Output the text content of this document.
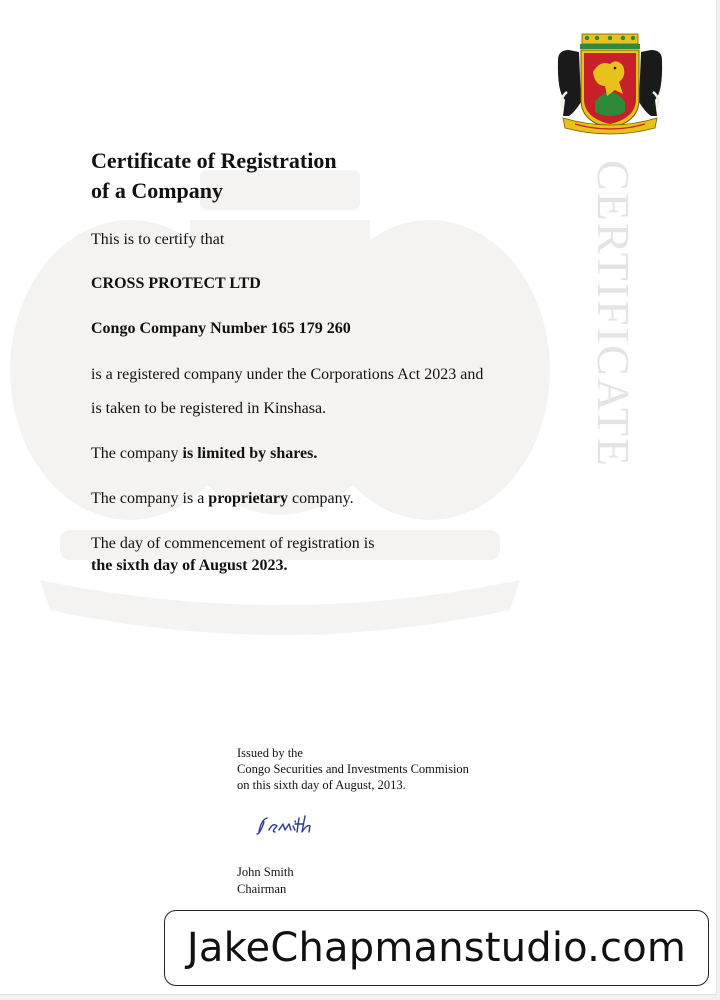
CERTIFICATE
Certificate of Registration
of a Company
This is to certify that
CROSS PROTECT LTD
Congo Company Number 165 179 260
is a registered company under the Corporations Act 2023 and
is taken to be registered in Kinshasa.
The company is limited by shares.
The company is a proprietary company.
The day of commencement of registration is
the sixth day of August 2023.
Issued by the
Congo Securities and Investments Commision
on this sixth day of August, 2013.
John Smith
Chairman
JakeChapmanstudio.com
